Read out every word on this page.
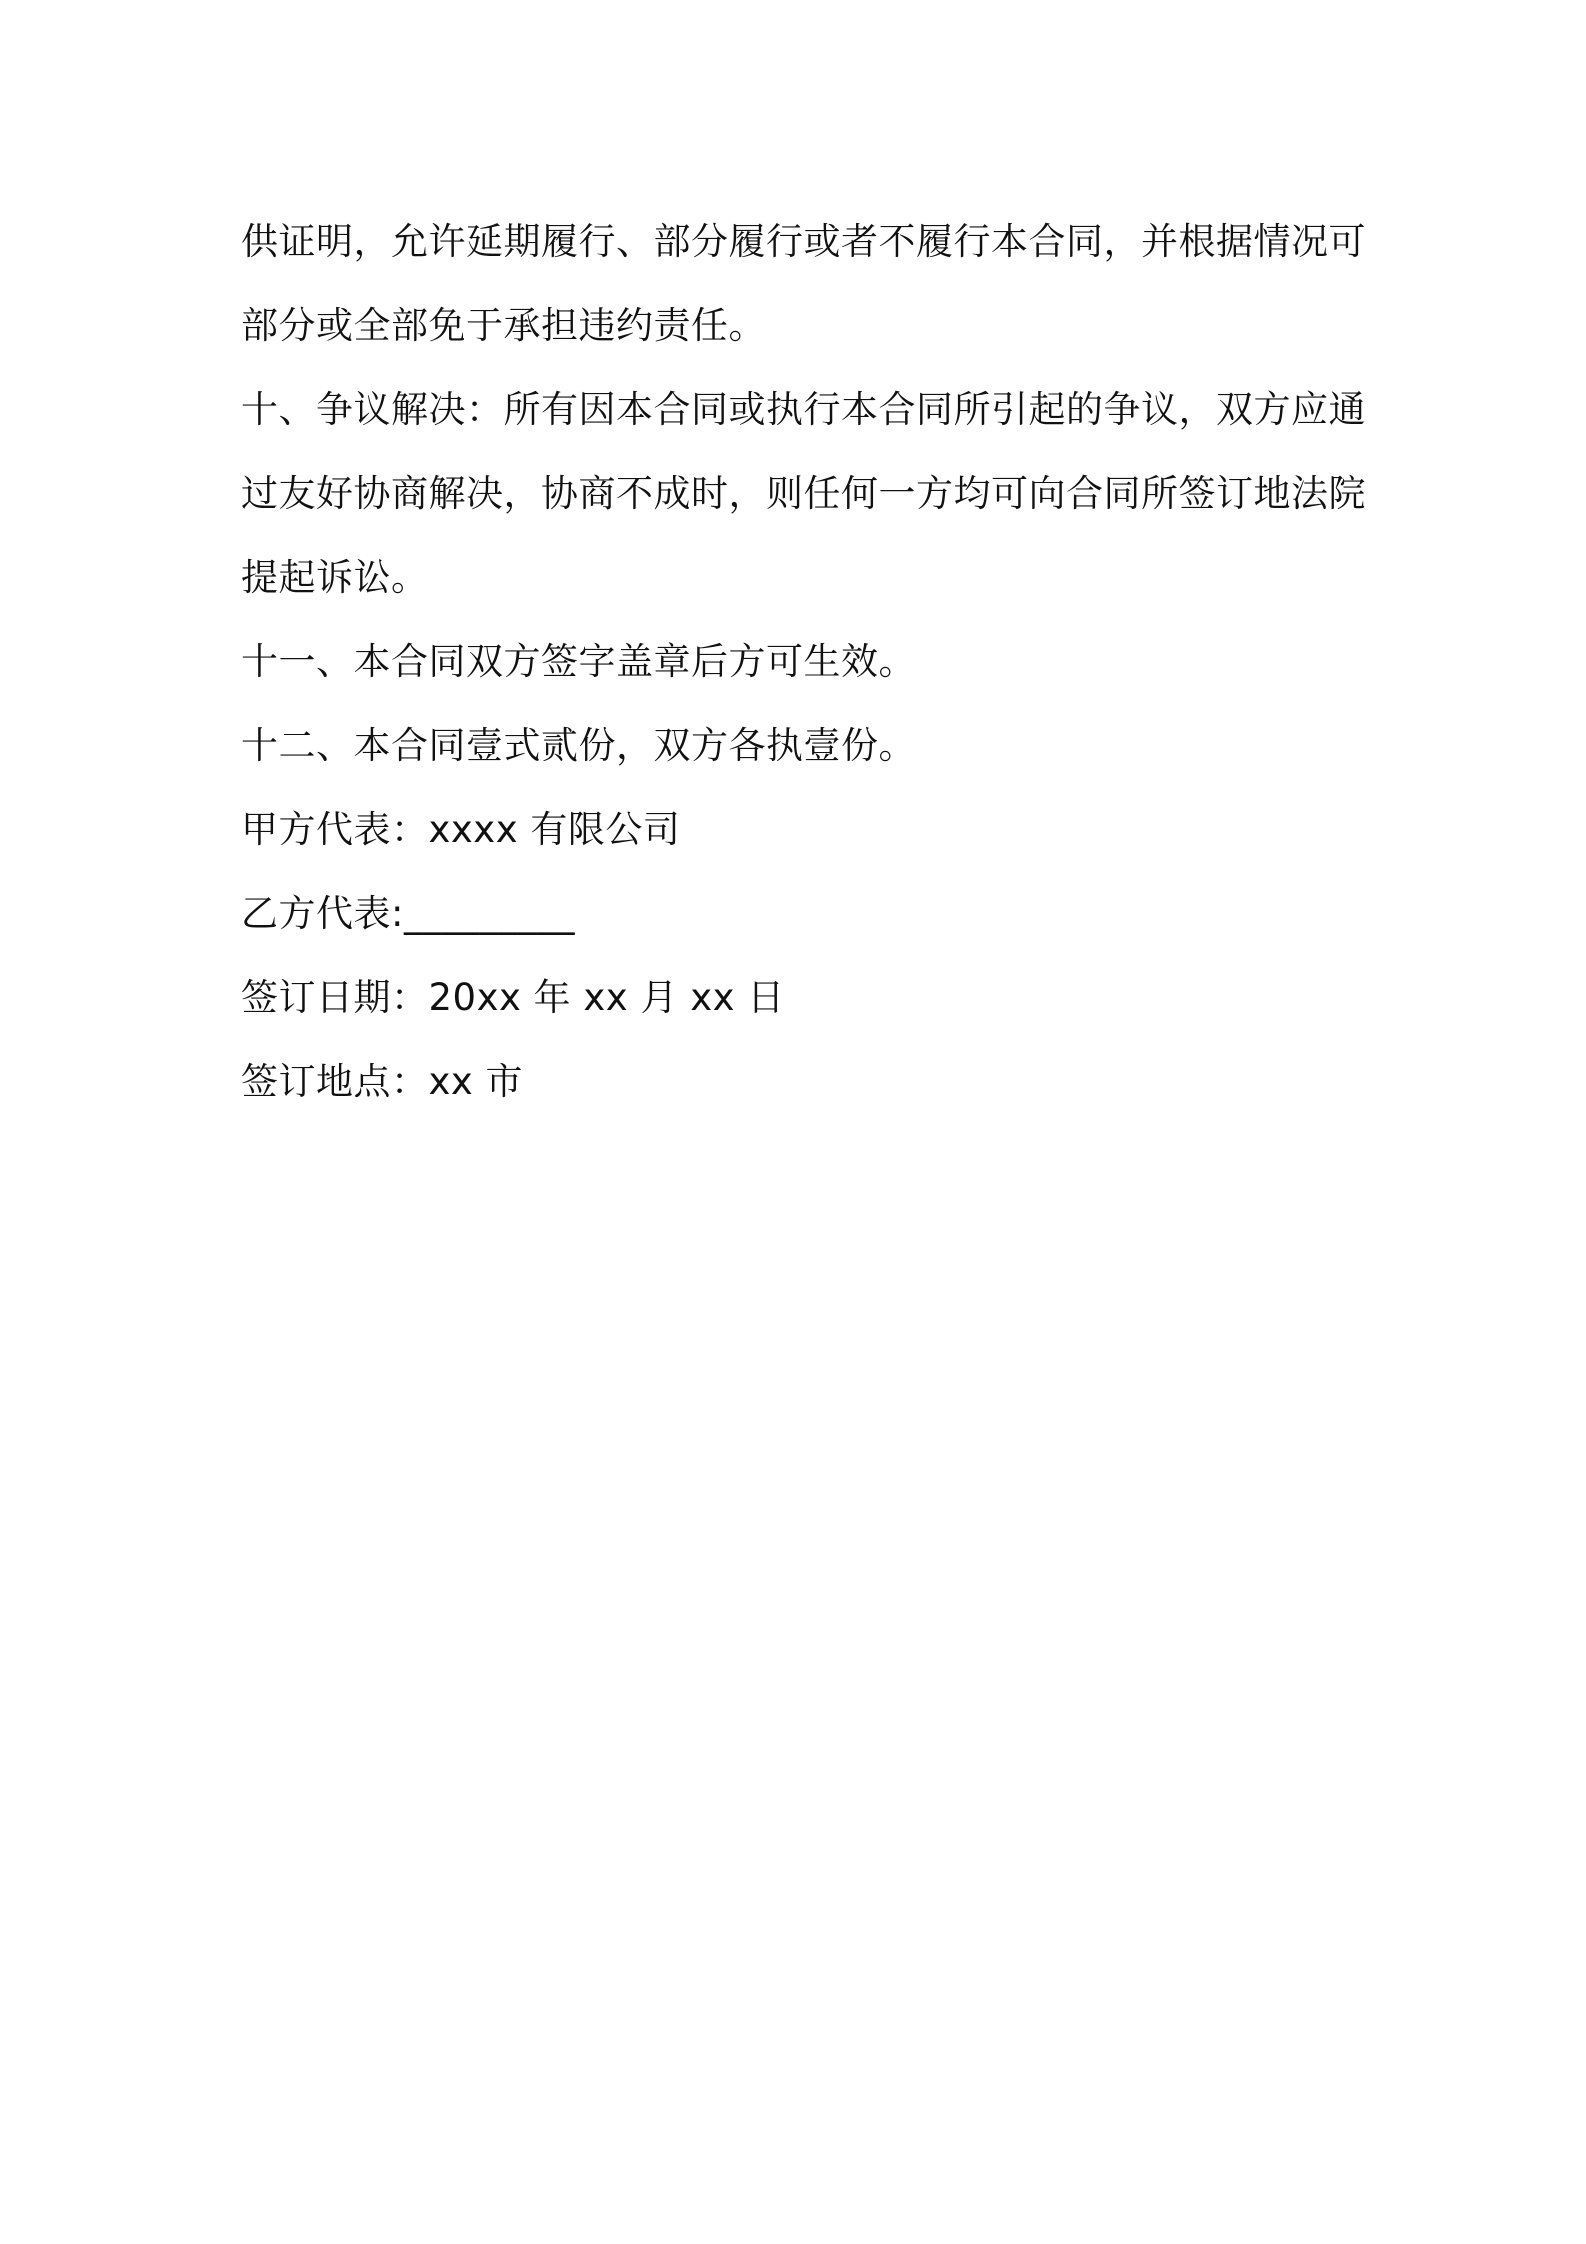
供证明，允许延期履行、部分履行或者不履行本合同，并根据情况可
部分或全部免于承担违约责任。
十、争议解决：所有因本合同或执行本合同所引起的争议，双方应通
过友好协商解决，协商不成时，则任何一方均可向合同所签订地法院
提起诉讼。
十一、本合同双方签字盖章后方可生效。
十二、本合同壹式贰份，双方各执壹份。
甲方代表：xxxx 有限公司
乙方代表:_________
签订日期：20xx 年 xx 月 xx 日
签订地点：xx 市
